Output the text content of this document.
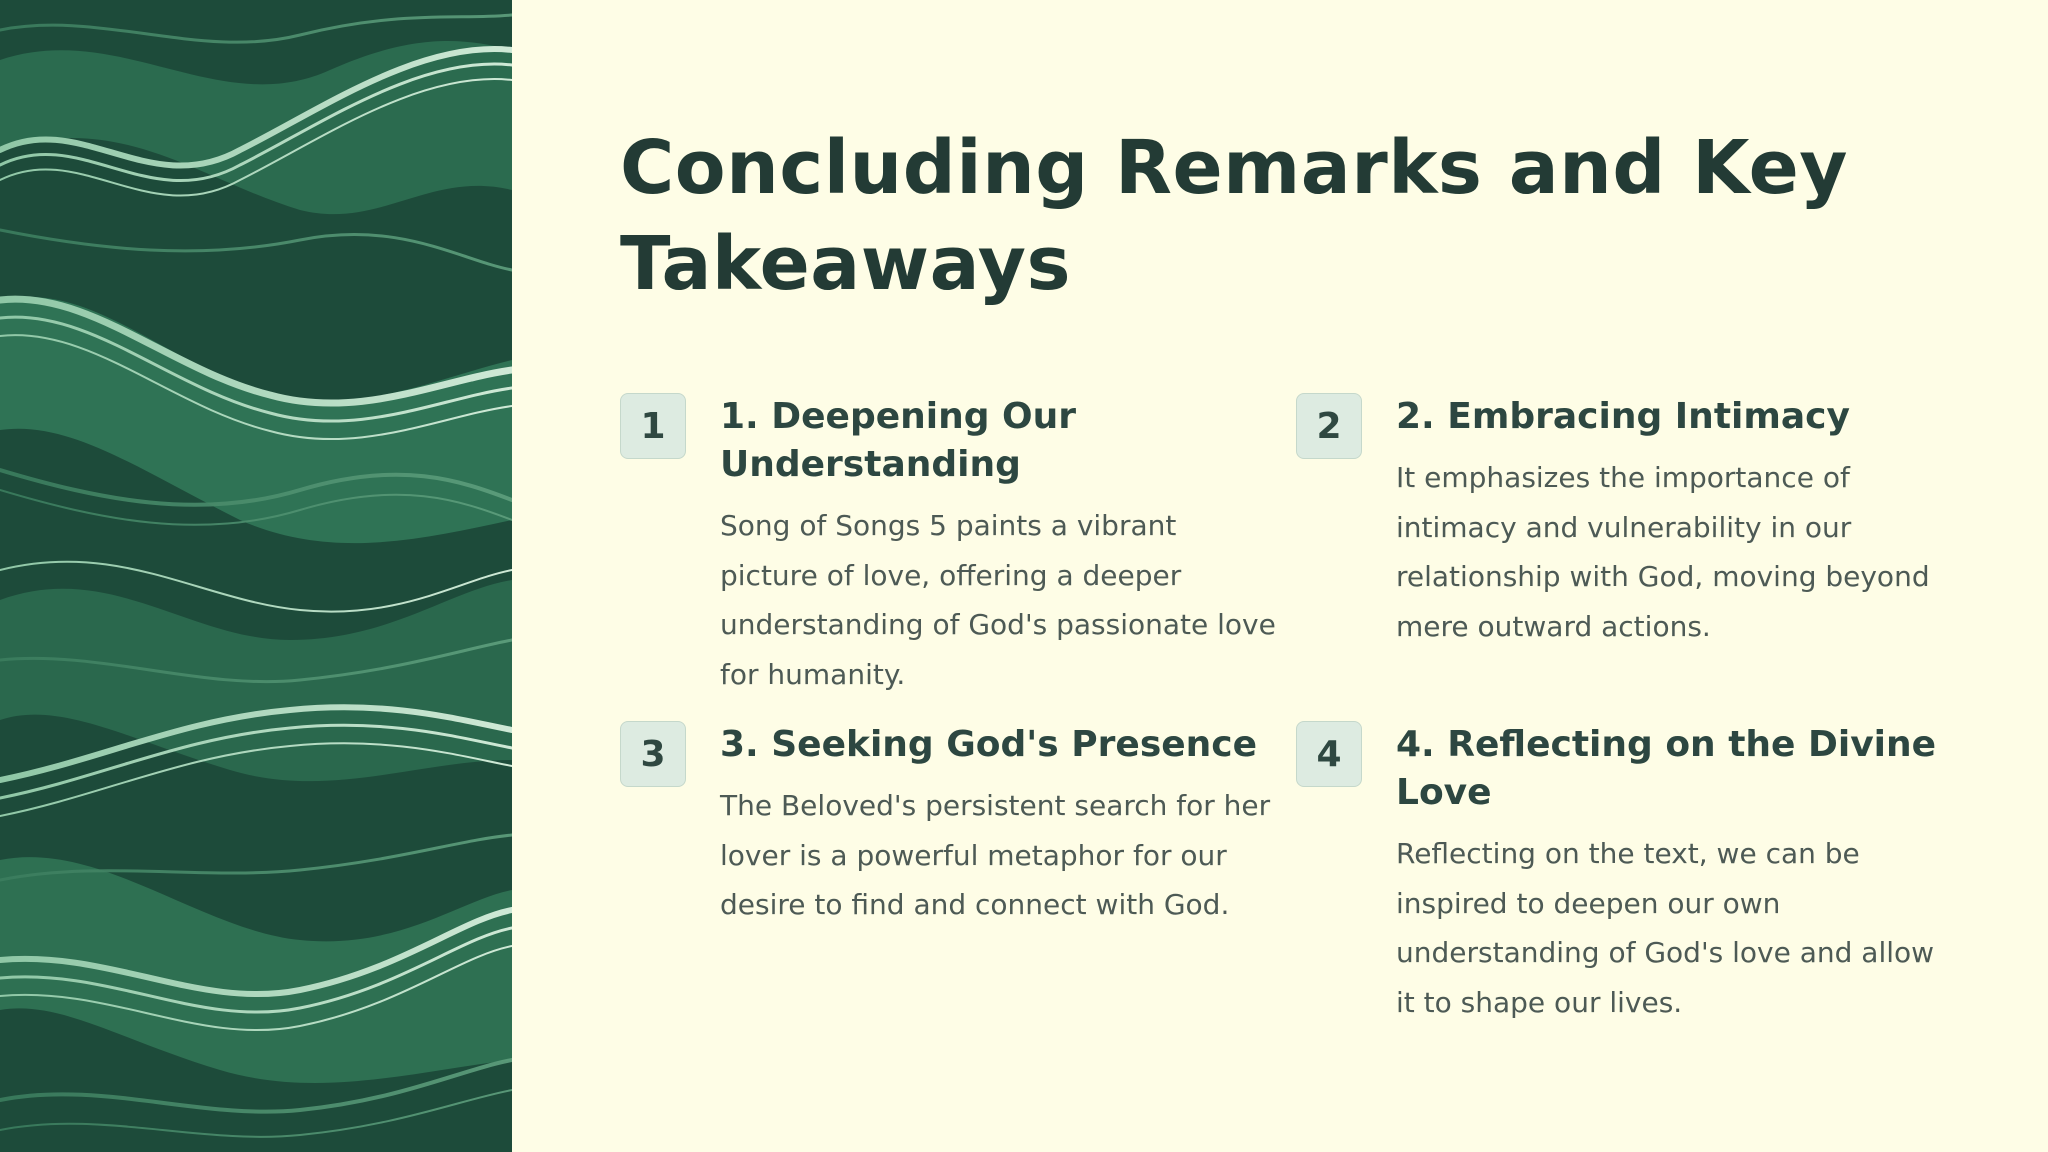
Concluding Remarks and Key Takeaways
1	1. Deepening Our Understanding

Song of Songs 5 paints a vibrant picture of love, offering a deeper understanding of God's passionate love for humanity.

2	2. Embracing Intimacy

It emphasizes the importance of intimacy and vulnerability in our relationship with God, moving beyond mere outward actions.

3	3. Seeking God's Presence

The Beloved's persistent search for her lover is a powerful metaphor for our desire to find and connect with God.

4	4. Reflecting on the Divine Love

Reflecting on the text, we can be inspired to deepen our own understanding of God's love and allow it to shape our lives.
